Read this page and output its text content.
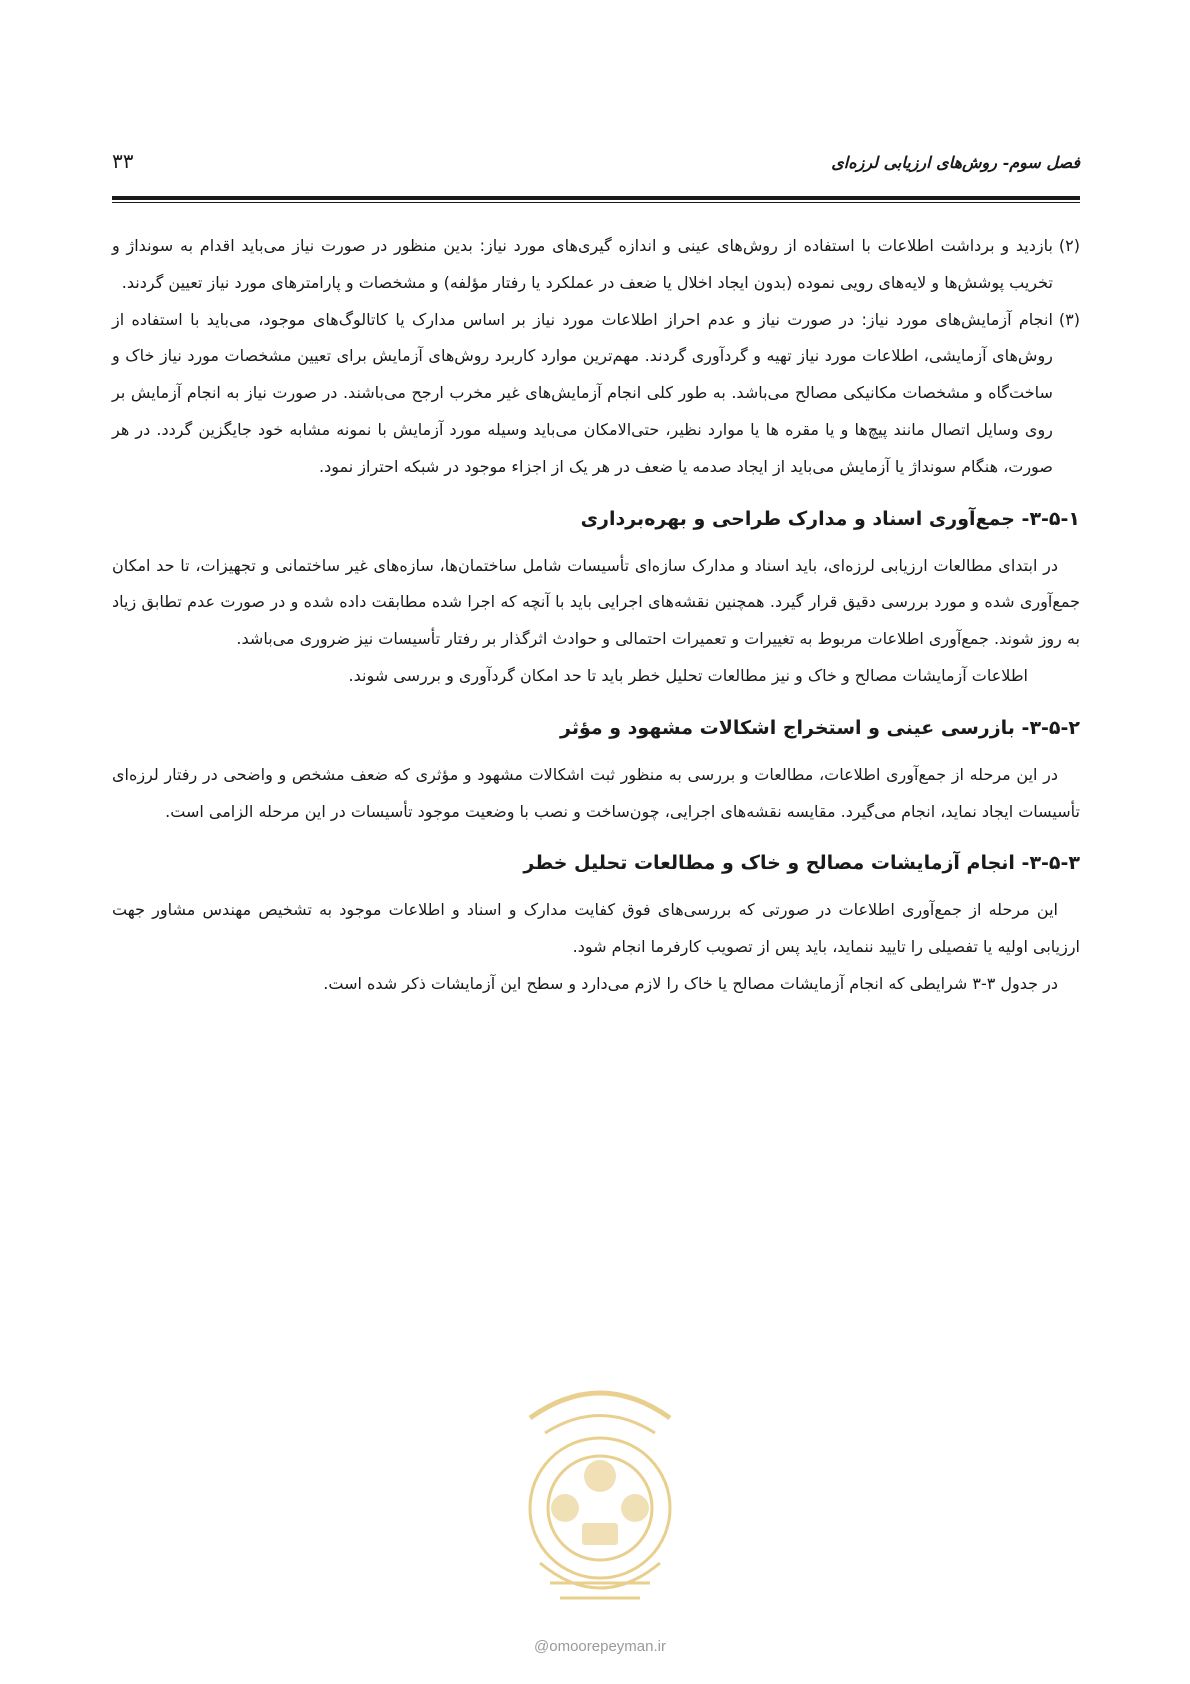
فصل سوم- روش‌های ارزیابی لرزه‌ای
۳۳
(۲)
بازدید و برداشت اطلاعات با استفاده از روش‌های عینی و اندازه گیری‌های مورد نیاز: بدین منظور در صورت نیاز می‌باید اقدام به سونداژ و تخریب پوشش‌ها و لایه‌های رویی نموده (بدون ایجاد اخلال یا ضعف در عملکرد یا رفتار مؤلفه) و مشخصات و پارامترهای مورد نیاز تعیین گردند.
(۳)
انجام آزمایش‌های مورد نیاز: در صورت نیاز و عدم احراز اطلاعات مورد نیاز بر اساس مدارک یا کاتالوگ‌های موجود، می‌باید با استفاده از روش‌های آزمایشی، اطلاعات مورد نیاز تهیه و گردآوری گردند. مهم‌ترین موارد کاربرد روش‌های آزمایش برای تعیین مشخصات مورد نیاز خاک و ساخت‌گاه و مشخصات مکانیکی مصالح می‌باشد. به طور کلی انجام آزمایش‌های غیر مخرب ارجح می‌باشند. در صورت نیاز به انجام آزمایش بر روی وسایل اتصال مانند پیچ‌ها و یا مقره ها یا موارد نظیر، حتی‌الامکان می‌باید وسیله مورد آزمایش با نمونه مشابه خود جایگزین گردد. در هر صورت، هنگام سونداژ یا آزمایش می‌باید از ایجاد صدمه یا ضعف در هر یک از اجزاء موجود در شبکه احتراز نمود.
۳-۵-۱- جمع‌آوری اسناد و مدارک طراحی و بهره‌برداری

در ابتدای مطالعات ارزیابی لرزه‌ای، باید اسناد و مدارک سازه‌ای تأسیسات شامل ساختمان‌ها، سازه‌های غیر ساختمانی و تجهیزات، تا حد امکان جمع‌آوری شده و مورد بررسی دقیق قرار گیرد. همچنین نقشه‌های اجرایی باید با آنچه که اجرا شده مطابقت داده شده و در صورت عدم تطابق زیاد به روز شوند. جمع‌آوری اطلاعات مربوط به تغییرات و تعمیرات احتمالی و حوادث اثرگذار بر رفتار تأسیسات نیز ضروری می‌باشد.

اطلاعات آزمایشات مصالح و خاک و نیز مطالعات تحلیل خطر باید تا حد امکان گردآوری و بررسی شوند.

۳-۵-۲- بازرسی عینی و استخراج اشکالات مشهود و مؤثر

در این مرحله از جمع‌آوری اطلاعات، مطالعات و بررسی به منظور ثبت اشکالات مشهود و مؤثری که ضعف مشخص و واضحی در رفتار لرزه‌ای تأسیسات ایجاد نماید، انجام می‌گیرد. مقایسه نقشه‌های اجرایی، چون‌ساخت و نصب با وضعیت موجود تأسیسات در این مرحله الزامی است.

۳-۵-۳- انجام آزمایشات مصالح و خاک و مطالعات تحلیل خطر

این مرحله از جمع‌آوری اطلاعات در صورتی که بررسی‌های فوق کفایت مدارک و اسناد و اطلاعات موجود به تشخیص مهندس مشاور جهت ارزیابی اولیه یا تفصیلی را تایید ننماید، باید پس از تصویب کارفرما انجام شود.

در جدول ۳-۳ شرایطی که انجام آزمایشات مصالح یا خاک را لازم می‌دارد و سطح این آزمایشات ذکر شده است.

@omoorepeyman.ir
